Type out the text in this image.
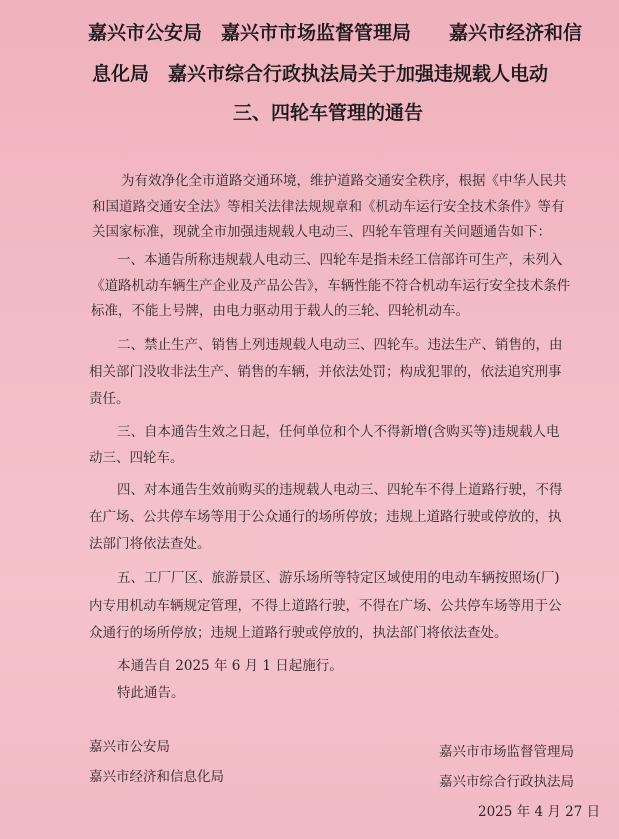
嘉兴市公安局　嘉兴市市场监督管理局　　嘉兴市经济和信
息化局　嘉兴市综合行政执法局关于加强违规载人电动
三、四轮车管理的通告
为有效净化全市道路交通环境，维护道路交通安全秩序，根据《中华人民共
和国道路交通安全法》等相关法律法规规章和《机动车运行安全技术条件》等有
关国家标准，现就全市加强违规载人电动三、四轮车管理有关问题通告如下：
一、本通告所称违规载人电动三、四轮车是指未经工信部许可生产，未列入
《道路机动车辆生产企业及产品公告》，车辆性能不符合机动车运行安全技术条件
标准，不能上号牌，由电力驱动用于载人的三轮、四轮机动车。
二、禁止生产、销售上列违规载人电动三、四轮车。违法生产、销售的，由
相关部门没收非法生产、销售的车辆，并依法处罚；构成犯罪的，依法追究刑事
责任。
三、自本通告生效之日起，任何单位和个人不得新增(含购买等)违规载人电
动三、四轮车。
四、对本通告生效前购买的违规载人电动三、四轮车不得上道路行驶，不得
在广场、公共停车场等用于公众通行的场所停放；违规上道路行驶或停放的，执
法部门将依法查处。
五、工厂厂区、旅游景区、游乐场所等特定区域使用的电动车辆按照场(厂)
内专用机动车辆规定管理，不得上道路行驶，不得在广场、公共停车场等用于公
众通行的场所停放；违规上道路行驶或停放的，执法部门将依法查处。
本通告自 2025 年 6 月 1 日起施行。
特此通告。
嘉兴市公安局
嘉兴市经济和信息化局
嘉兴市市场监督管理局
嘉兴市综合行政执法局
2025 年 4 月 27 日
